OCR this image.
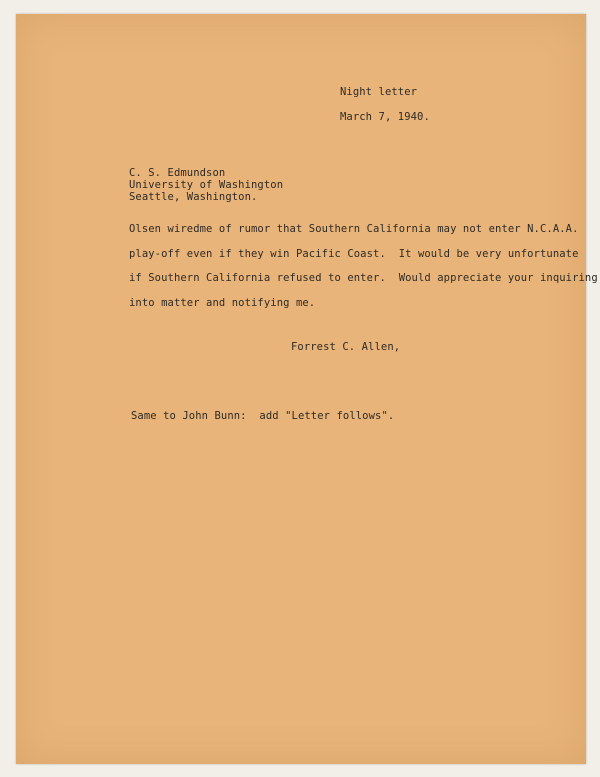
Night letter
March 7, 1940.
C. S. Edmundson
University of Washington
Seattle, Washington.
Olsen wiredme of rumor that Southern California may not enter N.C.A.A.
play-off even if they win Pacific Coast.  It would be very unfortunate
if Southern California refused to enter.  Would appreciate your inquiring
into matter and notifying me.
Forrest C. Allen,
Same to John Bunn:  add "Letter follows".
